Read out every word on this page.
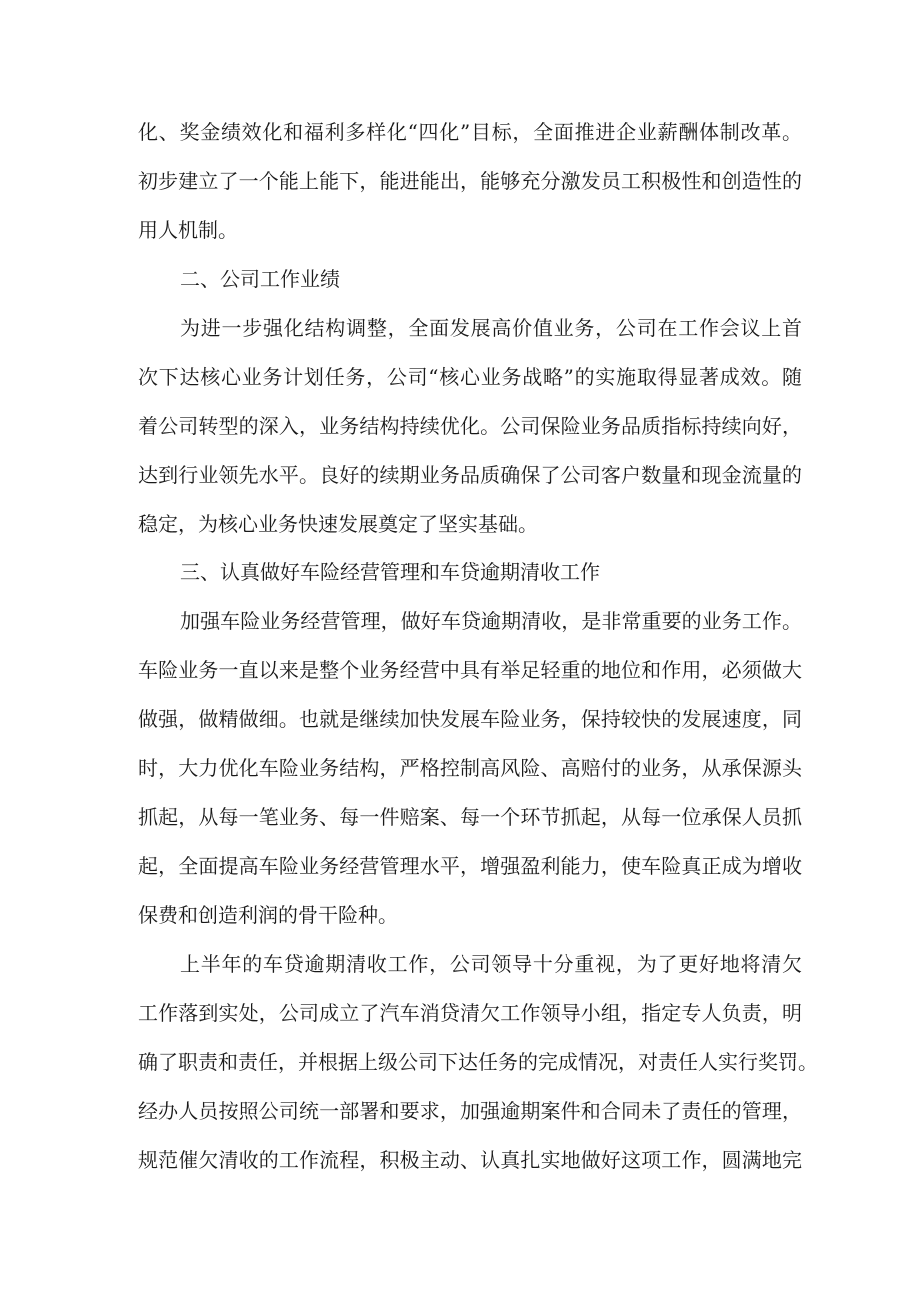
化、奖金绩效化和福利多样化“四化”目标，全面推进企业薪酬体制改革。
初步建立了一个能上能下，能进能出，能够充分激发员工积极性和创造性的
用人机制。
二、公司工作业绩
为进一步强化结构调整，全面发展高价值业务，公司在工作会议上首
次下达核心业务计划任务，公司“核心业务战略”的实施取得显著成效。随
着公司转型的深入，业务结构持续优化。公司保险业务品质指标持续向好，
达到行业领先水平。良好的续期业务品质确保了公司客户数量和现金流量的
稳定，为核心业务快速发展奠定了坚实基础。
三、认真做好车险经营管理和车贷逾期清收工作
加强车险业务经营管理，做好车贷逾期清收，是非常重要的业务工作。
车险业务一直以来是整个业务经营中具有举足轻重的地位和作用，必须做大
做强，做精做细。也就是继续加快发展车险业务，保持较快的发展速度，同
时，大力优化车险业务结构，严格控制高风险、高赔付的业务，从承保源头
抓起，从每一笔业务、每一件赔案、每一个环节抓起，从每一位承保人员抓
起，全面提高车险业务经营管理水平，增强盈利能力，使车险真正成为增收
保费和创造利润的骨干险种。
上半年的车贷逾期清收工作，公司领导十分重视，为了更好地将清欠
工作落到实处，公司成立了汽车消贷清欠工作领导小组，指定专人负责，明
确了职责和责任，并根据上级公司下达任务的完成情况，对责任人实行奖罚。
经办人员按照公司统一部署和要求，加强逾期案件和合同未了责任的管理，
规范催欠清收的工作流程，积极主动、认真扎实地做好这项工作，圆满地完
